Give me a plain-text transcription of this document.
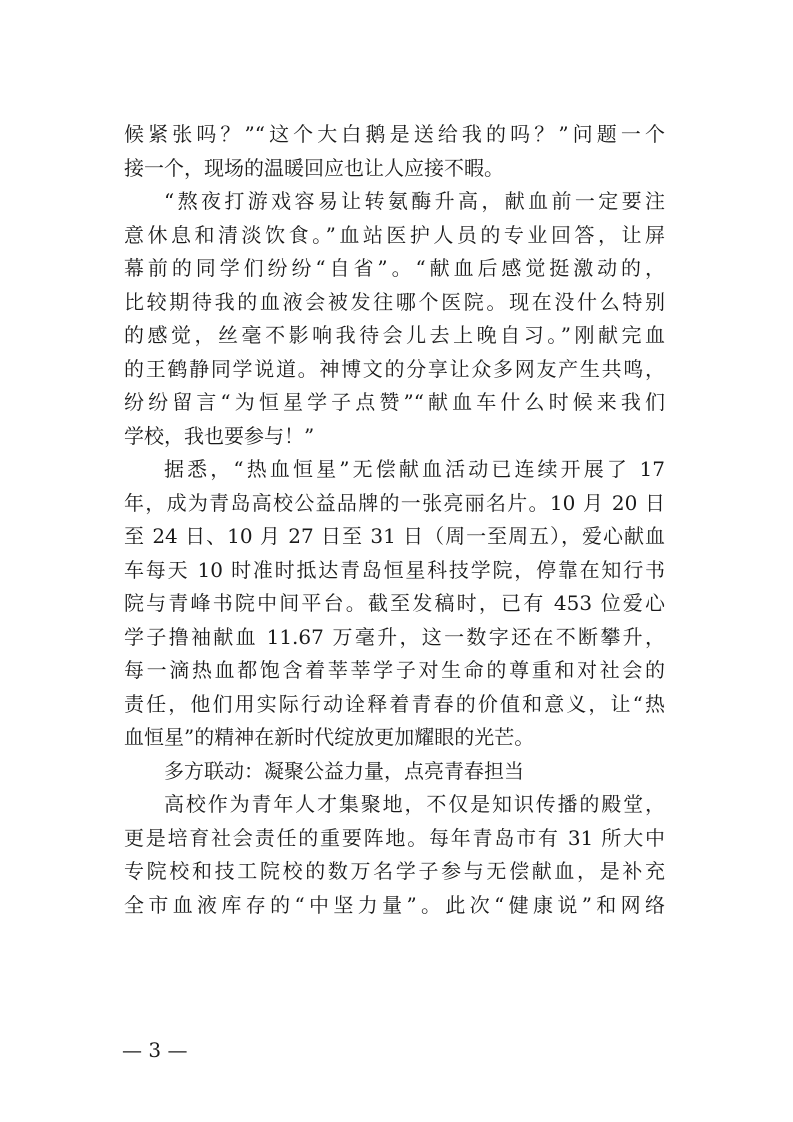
候紧张吗？”“这个大白鹅是送给我的吗？”问题一个
接一个，现场的温暖回应也让人应接不暇。
“熬夜打游戏容易让转氨酶升高，献血前一定要注
意休息和清淡饮食。”血站医护人员的专业回答，让屏
幕前的同学们纷纷“自省”。“献血后感觉挺激动的，
比较期待我的血液会被发往哪个医院。现在没什么特别
的感觉，丝毫不影响我待会儿去上晚自习。”刚献完血
的王鹤静同学说道。神博文的分享让众多网友产生共鸣，
纷纷留言“为恒星学子点赞”“献血车什么时候来我们
学校，我也要参与！”
据悉，“热血恒星”无偿献血活动已连续开展了 17
年，成为青岛高校公益品牌的一张亮丽名片。10 月 20 日
至 24 日、10 月 27 日至 31 日（周一至周五），爱心献血
车每天 10 时准时抵达青岛恒星科技学院，停靠在知行书
院与青峰书院中间平台。截至发稿时，已有 453 位爱心
学子撸袖献血 11.67 万毫升，这一数字还在不断攀升，
每一滴热血都饱含着莘莘学子对生命的尊重和对社会的
责任，他们用实际行动诠释着青春的价值和意义，让“热
血恒星”的精神在新时代绽放更加耀眼的光芒。
多方联动：凝聚公益力量，点亮青春担当
高校作为青年人才集聚地，不仅是知识传播的殿堂，
更是培育社会责任的重要阵地。每年青岛市有 31 所大中
专院校和技工院校的数万名学子参与无偿献血，是补充
全市血液库存的“中坚力量”。此次“健康说”和网络
— 3 —
